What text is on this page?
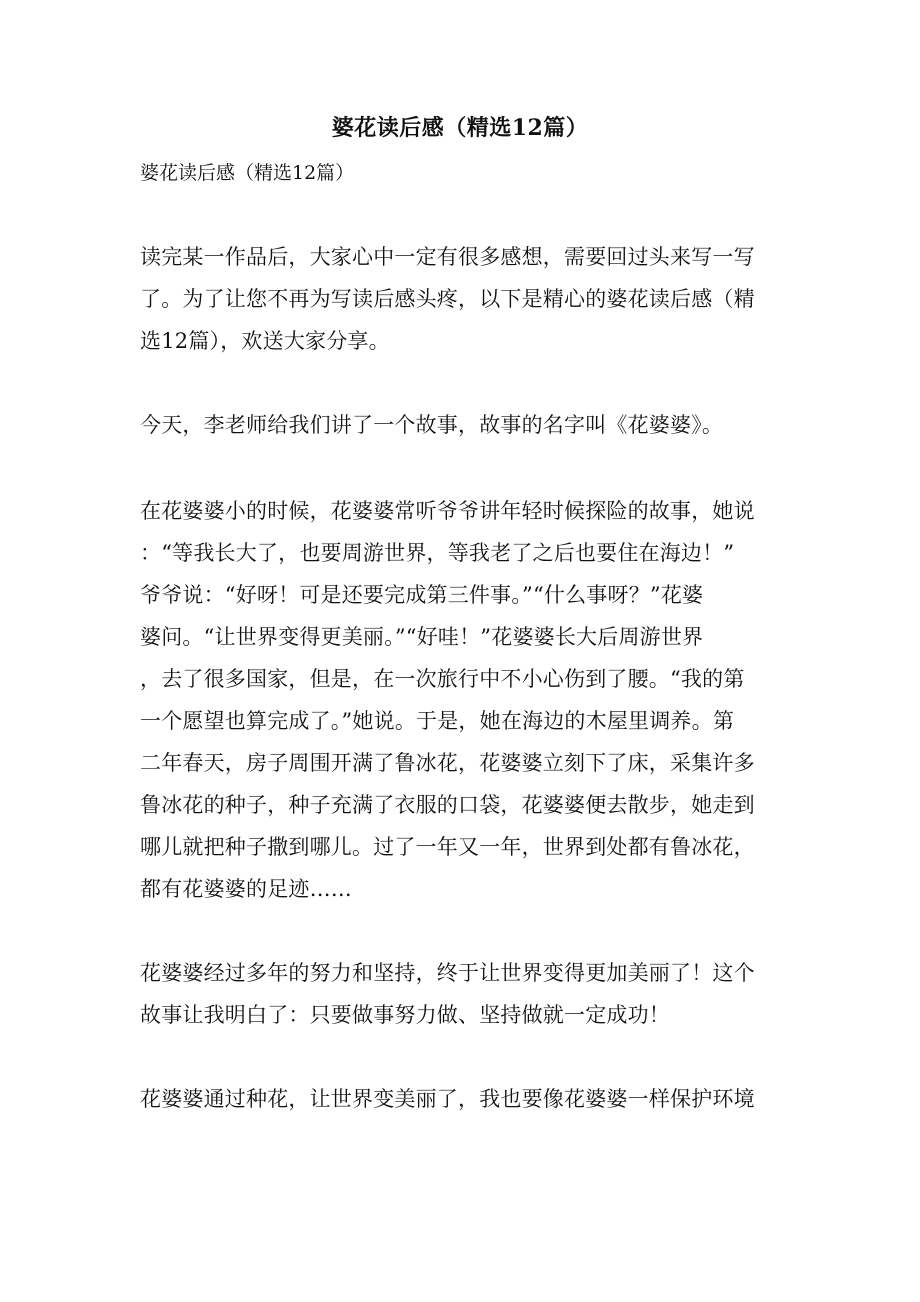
婆花读后感（精选12篇）
婆花读后感（精选12篇）
读完某一作品后，大家心中一定有很多感想，需要回过头来写一写
了。为了让您不再为写读后感头疼，以下是精心的婆花读后感（精
选12篇），欢送大家分享。
今天，李老师给我们讲了一个故事，故事的名字叫《花婆婆》。
在花婆婆小的时候，花婆婆常听爷爷讲年轻时候探险的故事，她说
：“等我长大了，也要周游世界，等我老了之后也要住在海边！”
爷爷说：“好呀！可是还要完成第三件事。”“什么事呀？”花婆
婆问。“让世界变得更美丽。”“好哇！”花婆婆长大后周游世界
，去了很多国家，但是，在一次旅行中不小心伤到了腰。“我的第
一个愿望也算完成了。”她说。于是，她在海边的木屋里调养。第
二年春天，房子周围开满了鲁冰花，花婆婆立刻下了床，采集许多
鲁冰花的种子，种子充满了衣服的口袋，花婆婆便去散步，她走到
哪儿就把种子撒到哪儿。过了一年又一年，世界到处都有鲁冰花，
都有花婆婆的足迹……
花婆婆经过多年的努力和坚持，终于让世界变得更加美丽了！这个
故事让我明白了：只要做事努力做、坚持做就一定成功！
花婆婆通过种花，让世界变美丽了，我也要像花婆婆一样保护环境
